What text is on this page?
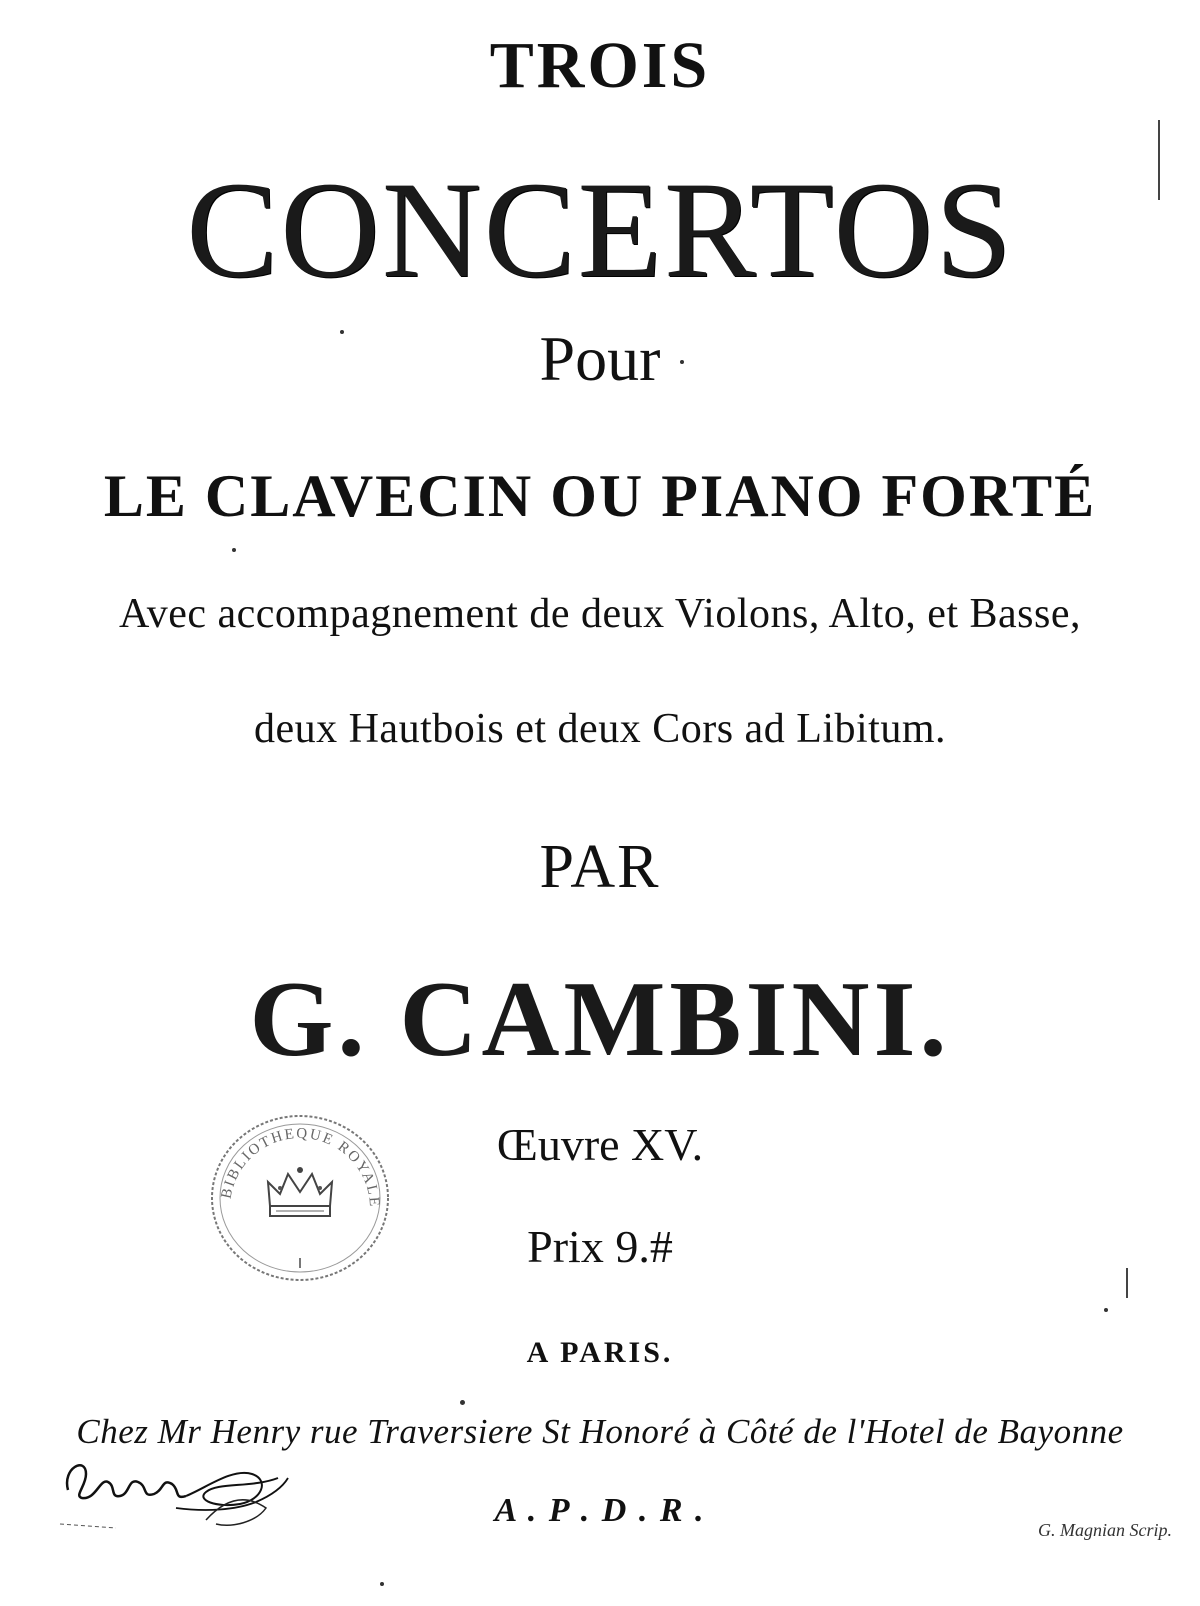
TROIS
CONCERTOS
Pour
LE CLAVECIN OU PIANO FORTÉ
Avec accompagnement de deux Violons, Alto, et Basse,
deux Hautbois et deux Cors ad Libitum.
PAR
G. CAMBINI.
Œuvre XV.
Prix 9.#
A PARIS.
Chez Mr Henry rue Traversiere St Honoré à Côté de l'Hotel de Bayonne
A . P . D . R .
G. Magnian Scrip.
BIBLIOTHEQUE ROYALE
